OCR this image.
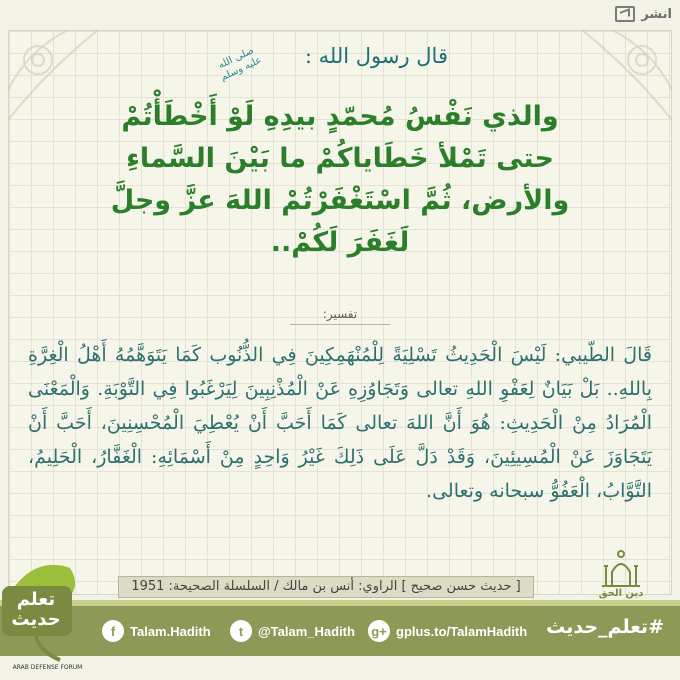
انشر
قال رسول الله :
صلى الله عليه وسلم
والذي نَفْسُ مُحمّدٍ بيدِهِ لَوْ أَخْطَأْتُمْ
حتى تَمْلأ خَطَاياكُمْ ما بَيْنَ السَّماءِ
والأرض، ثُمَّ اسْتَغْفَرْتُمْ اللهَ عزَّ وجلَّ
لَغَفَرَ لَكُمْ..
تفسير:
قَالَ الطّيبي: لَيْسَ الْحَدِيثُ تَسْلِيَةً لِلْمُنْهَمِكِينَ فِي الذُّنُوب كَمَا يَتَوَهَّمُهُ أَهْلُ الْغِرَّةِ بِاللهِ.. بَلْ بَيَانٌ لِعَفْوِ اللهِ تعالى وَتَجَاوُزِهِ عَنْ الْمُذْنِبِينَ لِيَرْغَبُوا فِي التَّوْبَةِ. وَالْمَعْنَى الْمُرَادُ مِنْ الْحَدِيثِ: هُوَ أَنَّ اللهَ تعالى كَمَا أَحَبَّ أَنْ يُعْطِيَ الْمُحْسِنِينَ، أَحَبَّ أَنْ يَتَجَاوَزَ عَنْ الْمُسِيئِينَ، وَقَدْ دَلَّ عَلَى ذَلِكَ غَيْرُ وَاحِدٍ مِنْ أَسْمَائِهِ: الْغَفَّارُ، الْحَلِيمُ، التَّوَّابُ، الْعَفُوُّ سبحانه وتعالى.
[ حديث حسن صحيح ] الراوي: أنس بن مالك / السلسلة الصحيحة: 1951
f	Talam.Hadith	t	@Talam_Hadith g+ gplus.to/TalamHadith #تعلم_حديث
دين الحق
تعلم حديث
ARAB DEFENSE FORUM
